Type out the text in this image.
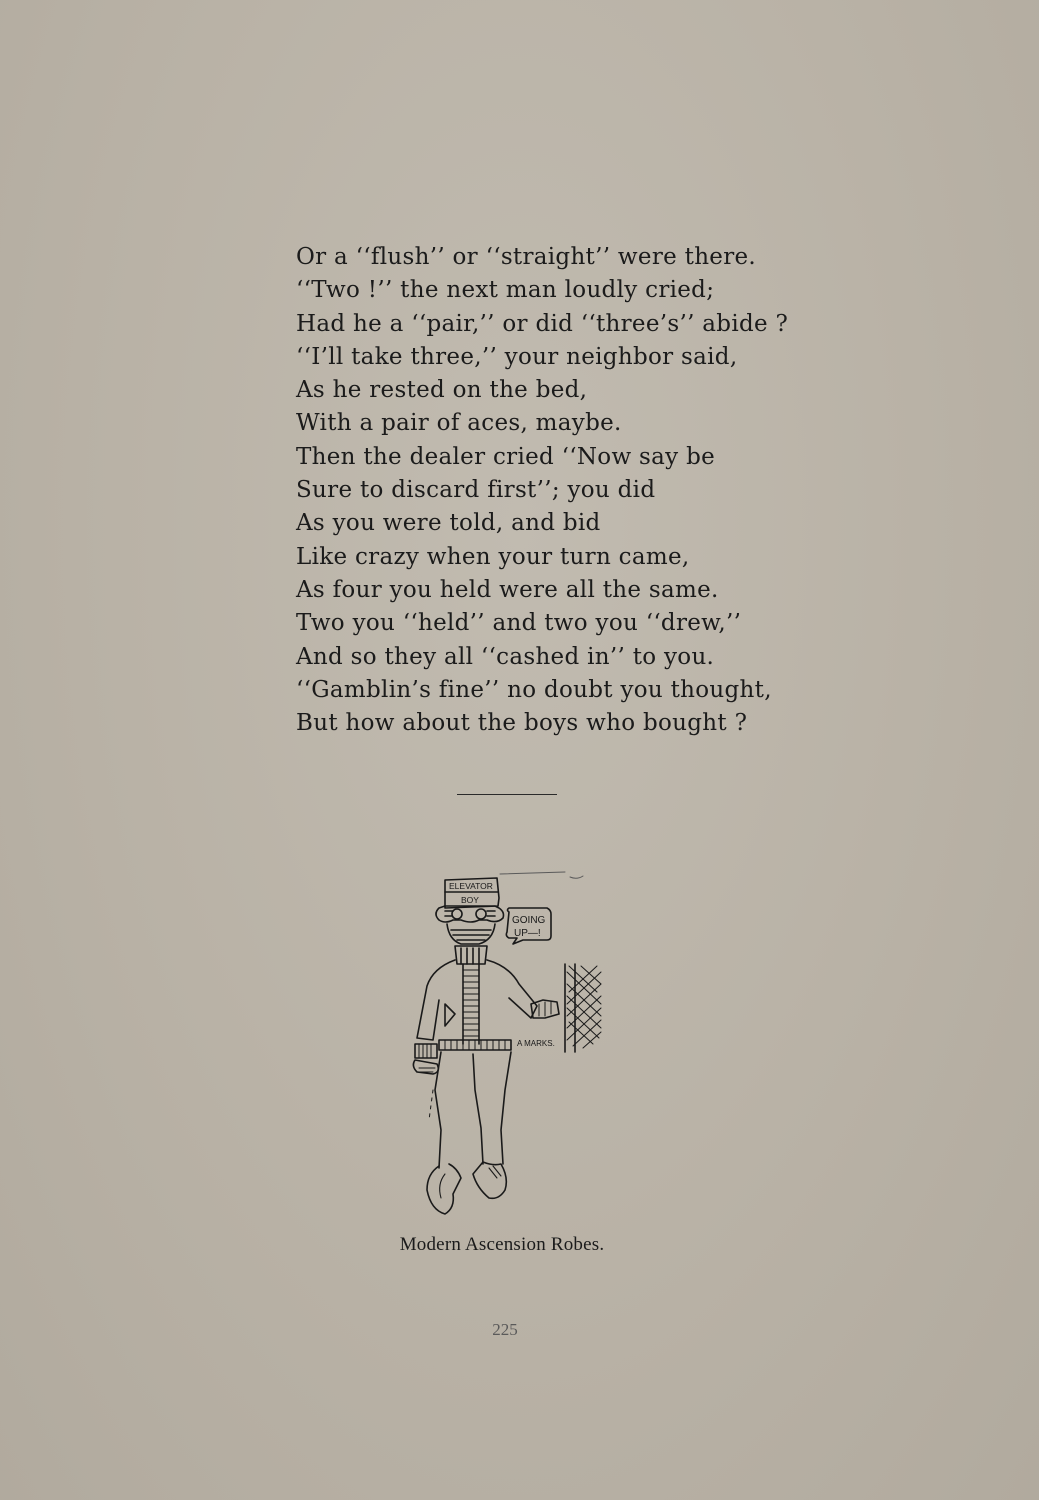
Or a ‘‘flush’’ or ‘‘straight’’ were there.
‘‘Two !’’ the next man loudly cried;
Had he a ‘‘pair,’’ or did ‘‘three’s’’ abide ?
‘‘I’ll take three,’’ your neighbor said,
As he rested on the bed,
With a pair of aces, maybe.
Then the dealer cried ‘‘Now say be
Sure to discard first’’; you did
As you were told, and bid
Like crazy when your turn came,
As four you held were all the same.
Two you ‘‘held’’ and two you ‘‘drew,’’
And so they all ‘‘cashed in’’ to you.
‘‘Gamblin’s fine’’ no doubt you thought,
But how about the boys who bought ?
ELEVATOR
BOY
GOING
UP—!
A MARKS.
Modern Ascension Robes.
225
